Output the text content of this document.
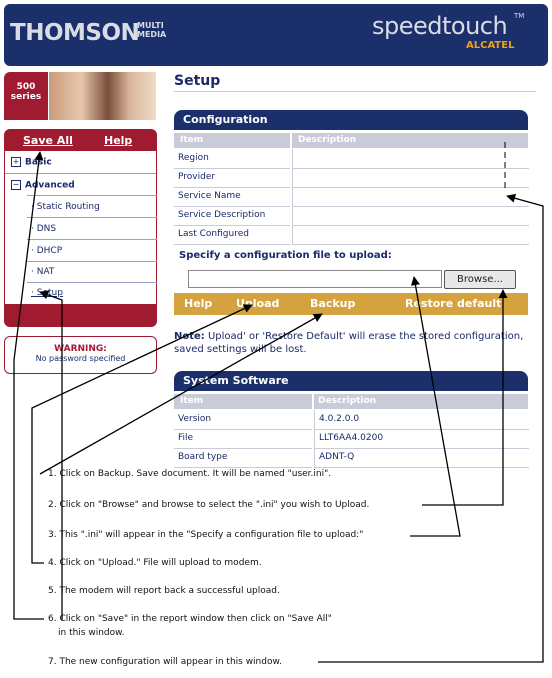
THOMSON
MULTI
MEDIA	speedtouch TM
ALCATEL
500
series
Save All	Help
+ Basic
− Advanced
· Static Routing
· DNS
· DHCP
· NAT
· Setup
WARNING:
No password specified
Setup
Configuration
Item	Description
Region
Provider
Service Name
Service Description
Last Configured
Specify a configuration file to upload:
Browse...
Help Upload	Backup	Restore default
Note: Upload' or 'Restore Default' will erase the stored configuration, saved settings will be lost.
System Software
Item	Description
Version	4.0.2.0.0
File	LLT6AA4.0200
Board type	ADNT-Q
1. Click on Backup. Save document. It will be named "user.ini".
2. Click on "Browse" and browse to select the ".ini" you wish to Upload.
3. This ".ini" will appear in the "Specify a configuration file to upload:"
4. Click on "Upload." File will upload to modem.
5. The modem will report back a successful upload.
6. Click on "Save" in the report window then click on "Save All"
in this window.
7. The new configuration will appear in this window.
